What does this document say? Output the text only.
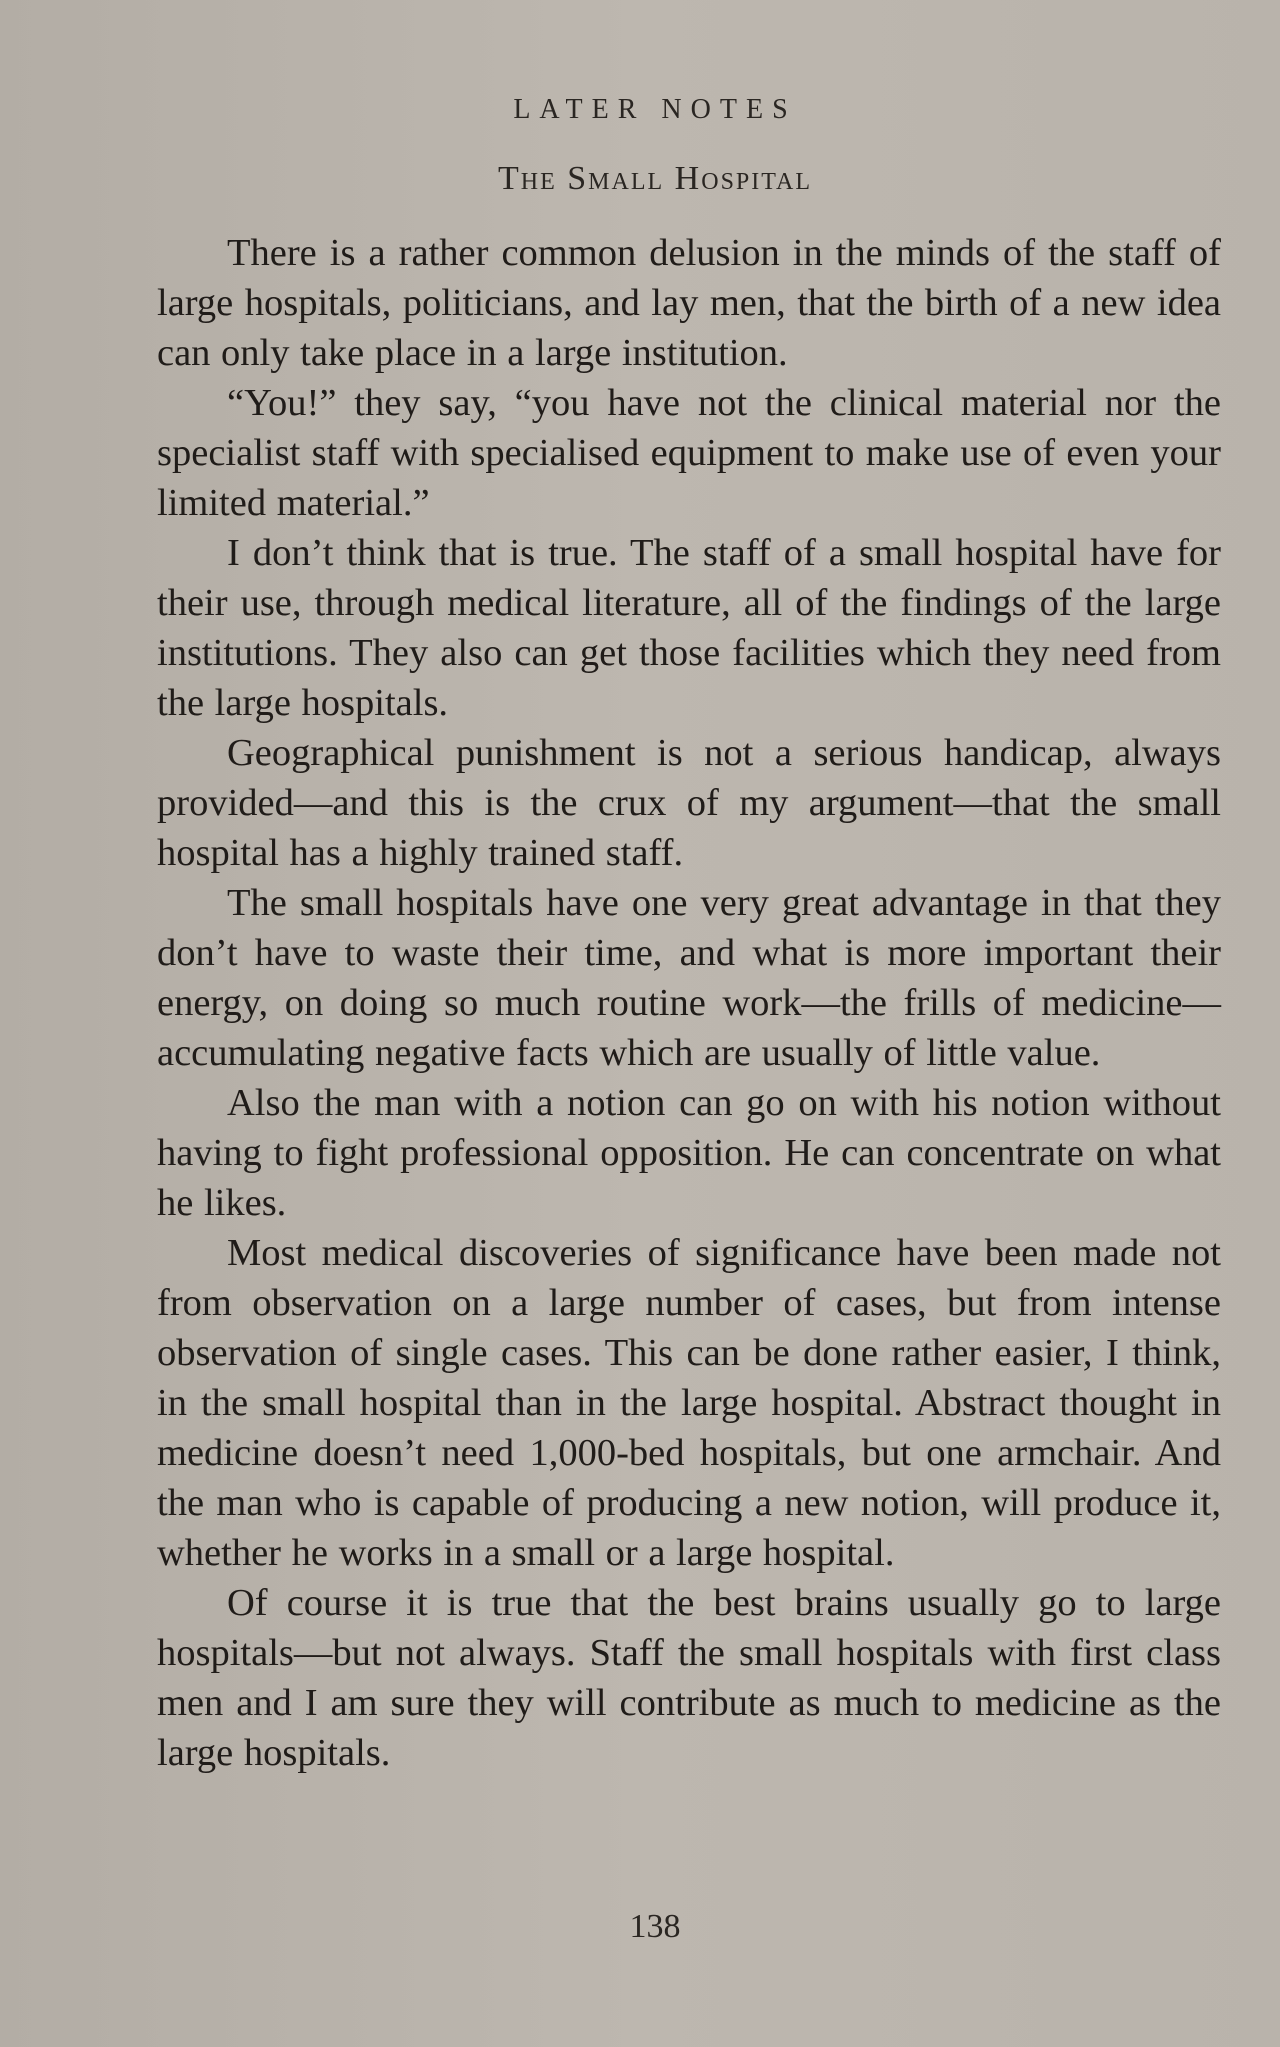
LATER NOTES
The Small Hospital

There is a rather common delusion in the minds of the staff of large hospitals, politicians, and lay men, that the birth of a new idea can only take place in a large institution.

“You!” they say, “you have not the clinical material nor the specialist staff with specialised equipment to make use of even your limited material.”

I don’t think that is true. The staff of a small hospital have for their use, through medical literature, all of the findings of the large institutions. They also can get those facilities which they need from the large hospitals.

Geographical punishment is not a serious handicap, always provided—and this is the crux of my argument—that the small hospital has a highly trained staff.

The small hospitals have one very great advantage in that they don’t have to waste their time, and what is more important their energy, on doing so much routine work—the frills of medicine—accumulating negative facts which are usually of little value.

Also the man with a notion can go on with his notion without having to fight professional opposition. He can concentrate on what he likes.

Most medical discoveries of significance have been made not from observation on a large number of cases, but from intense observation of single cases. This can be done rather easier, I think, in the small hospital than in the large hospital. Abstract thought in medicine doesn’t need 1,000-bed hospitals, but one armchair. And the man who is capable of producing a new notion, will produce it, whether he works in a small or a large hospital.

Of course it is true that the best brains usually go to large hospitals—but not always. Staff the small hospitals with first class men and I am sure they will contribute as much to medicine as the large hospitals.

138
